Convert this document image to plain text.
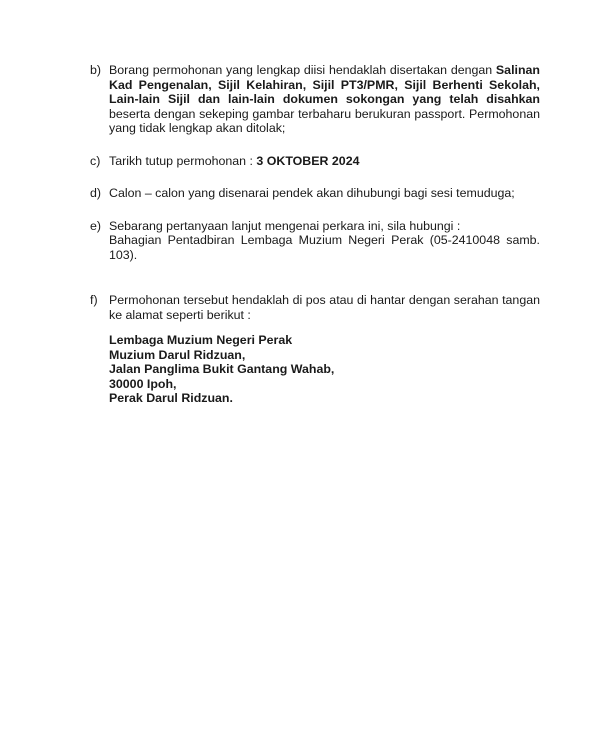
b) Borang permohonan yang lengkap diisi hendaklah disertakan dengan Salinan
Kad Pengenalan, Sijil Kelahiran, Sijil PT3/PMR, Sijil Berhenti Sekolah,
Lain-lain Sijil dan lain-lain dokumen sokongan yang telah disahkan
beserta dengan sekeping gambar terbaharu berukuran passport. Permohonan
yang tidak lengkap akan ditolak;
c) Tarikh tutup permohonan : 3 OKTOBER 2024
d) Calon – calon yang disenarai pendek akan dihubungi bagi sesi temuduga;
e) Sebarang pertanyaan lanjut mengenai perkara ini, sila hubungi :
Bahagian Pentadbiran Lembaga Muzium Negeri Perak (05-2410048 samb.
103).
f) Permohonan tersebut hendaklah di pos atau di hantar dengan serahan tangan
ke alamat seperti berikut :
Lembaga Muzium Negeri Perak
Muzium Darul Ridzuan,
Jalan Panglima Bukit Gantang Wahab,
30000 Ipoh,
Perak Darul Ridzuan.
